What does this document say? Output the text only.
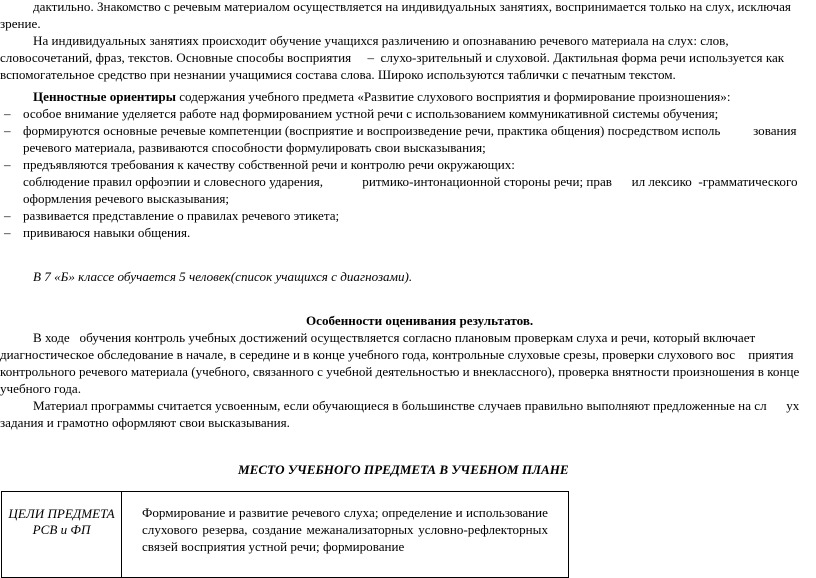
дактильно. Знакомство с речевым материалом осуществляется на индивидуальных занятиях, воспринимается только на слух, исключая
зрение.
На индивидуальных занятиях происходит обучение учащихся различению и опознаванию речевого материала на слух: слов,
словосочетаний, фраз, текстов. Основные способы восприятия     –  слухо-зрительный и слуховой. Дактильная форма речи используется как
вспомогательное средство при незнании учащимися состава слова. Широко используются таблички с печатным текстом.
Ценностные ориентиры содержания учебного предмета «Развитие слухового восприятия и формирование произношения»:
– особое внимание уделяется работе над формированием устной речи с использованием коммуникативной системы обучения;
– формируются основные речевые компетенции (восприятие и воспроизведение речи, практика общения) посредством исполь          зования
речевого материала, развиваются способности формулировать свои высказывания;
– предъявляются требования к качеству собственной речи и контролю речи окружающих:
соблюдение правил орфоэпии и словесного ударения,            ритмико-интонационной стороны речи; прав      ил лексико  -грамматического
оформления речевого высказывания;
– развивается представление о правилах речевого этикета;
– прививаюся навыки общения.
В 7 «Б» классе обучается 5 человек(список учащихся с диагнозами).
Особенности оценивания результатов.
В ходе   обучения контроль учебных достижений осуществляется согласно плановым проверкам слуха и речи, который включает
диагностическое обследование в начале, в середине и в конце учебного года, контрольные слуховые срезы, проверки слухового вос    приятия
контрольного речевого материала (учебного, связанного с учебной деятельностью и внеклассного), проверка внятности произношения в конце
учебного года.
Материал программы считается усвоенным, если обучающиеся в большинстве случаев правильно выполняют предложенные на сл      ух
задания и грамотно оформляют свои высказывания.
МЕСТО УЧЕБНОГО ПРЕДМЕТА В УЧЕБНОМ ПЛАНЕ
ЦЕЛИ ПРЕДМЕТА
РСВ и ФП
	Формирование и развитие речевого слуха; определение и использование слухового резерва, создание межанализаторных условно-рефлекторных связей восприятия устной речи; формирование
